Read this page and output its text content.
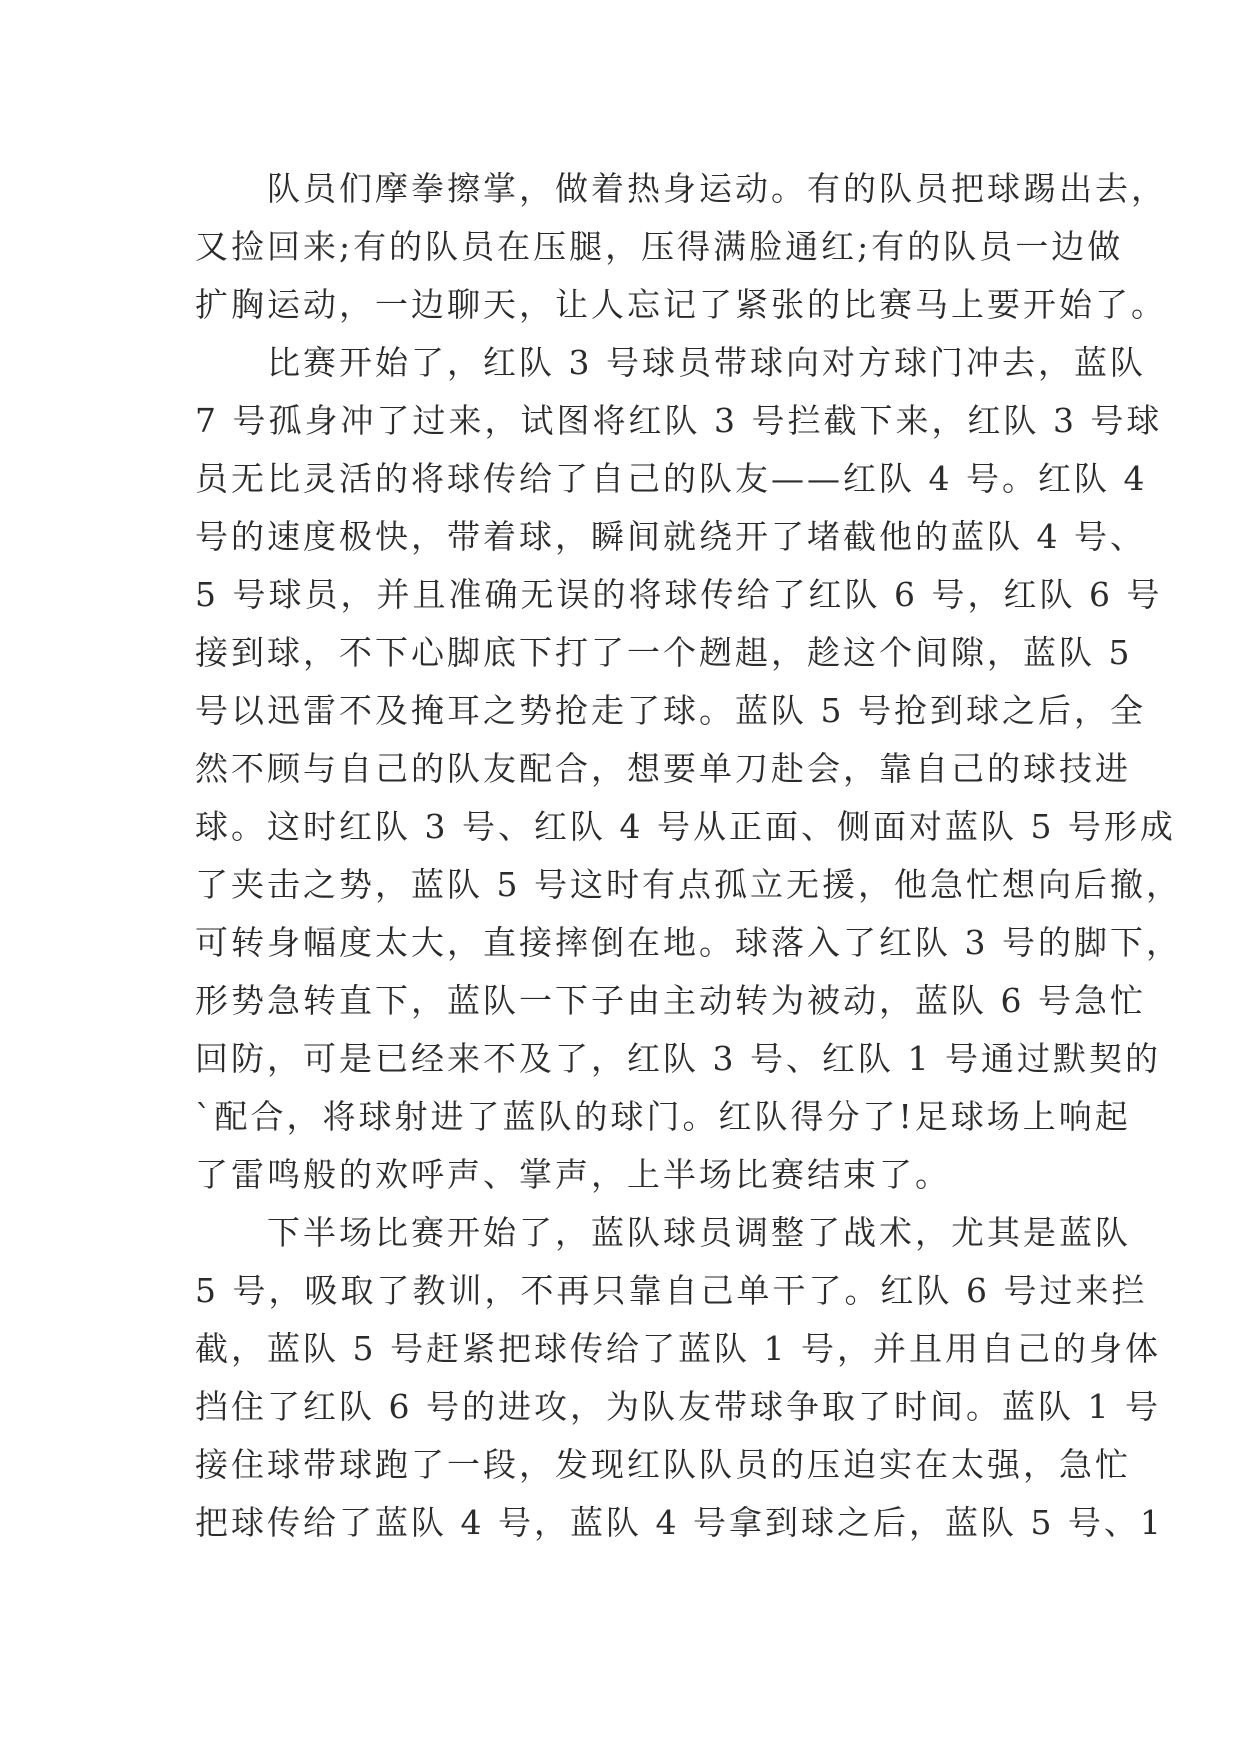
　　队员们摩拳擦掌，做着热身运动。有的队员把球踢出去，
又捡回来;有的队员在压腿，压得满脸通红;有的队员一边做
扩胸运动，一边聊天，让人忘记了紧张的比赛马上要开始了。
　　比赛开始了，红队 3 号球员带球向对方球门冲去，蓝队
7 号孤身冲了过来，试图将红队 3 号拦截下来，红队 3 号球
员无比灵活的将球传给了自己的队友——红队 4 号。红队 4
号的速度极快，带着球，瞬间就绕开了堵截他的蓝队 4 号、
5 号球员，并且准确无误的将球传给了红队 6 号，红队 6 号
接到球，不下心脚底下打了一个趔趄，趁这个间隙，蓝队 5
号以迅雷不及掩耳之势抢走了球。蓝队 5 号抢到球之后，全
然不顾与自己的队友配合，想要单刀赴会，靠自己的球技进
球。这时红队 3 号、红队 4 号从正面、侧面对蓝队 5 号形成
了夹击之势，蓝队 5 号这时有点孤立无援，他急忙想向后撤，
可转身幅度太大，直接摔倒在地。球落入了红队 3 号的脚下，
形势急转直下，蓝队一下子由主动转为被动，蓝队 6 号急忙
回防，可是已经来不及了，红队 3 号、红队 1 号通过默契的
`配合，将球射进了蓝队的球门。红队得分了!足球场上响起
了雷鸣般的欢呼声、掌声，上半场比赛结束了。
　　下半场比赛开始了，蓝队球员调整了战术，尤其是蓝队
5 号，吸取了教训，不再只靠自己单干了。红队 6 号过来拦
截，蓝队 5 号赶紧把球传给了蓝队 1 号，并且用自己的身体
挡住了红队 6 号的进攻，为队友带球争取了时间。蓝队 1 号
接住球带球跑了一段，发现红队队员的压迫实在太强，急忙
把球传给了蓝队 4 号，蓝队 4 号拿到球之后，蓝队 5 号、1
